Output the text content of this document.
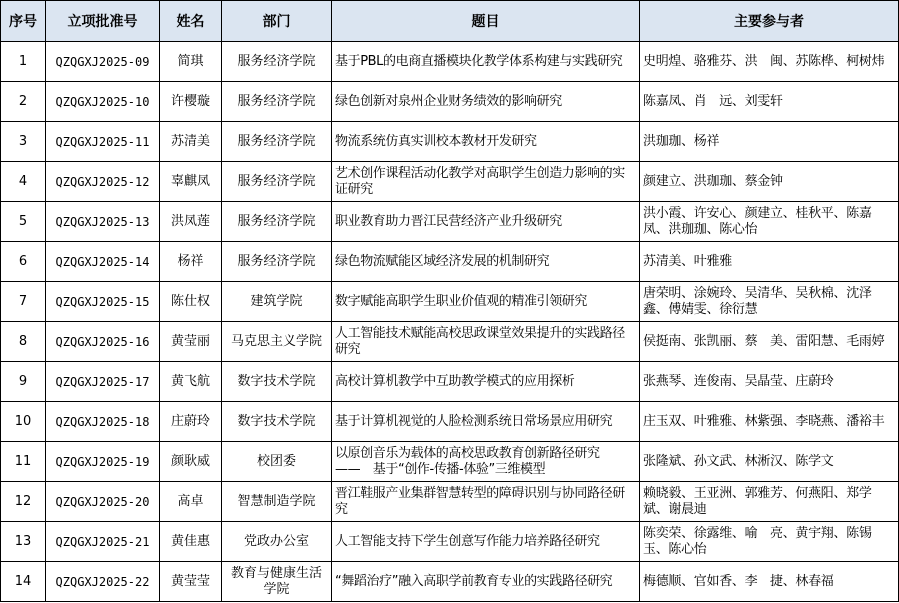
序号	立项批准号	姓名	部门	题目	主要参与者
1	QZQGXJ2025-09	简琪	服务经济学院	基于PBL的电商直播模块化教学体系构建与实践研究	史明煌、骆雅芬、洪　闽、苏陈桦、柯树炜
2	QZQGXJ2025-10	许樱璇	服务经济学院	绿色创新对泉州企业财务绩效的影响研究	陈嘉凤、肖　远、刘雯轩
3	QZQGXJ2025-11	苏清美	服务经济学院	物流系统仿真实训校本教材开发研究	洪珈珈、杨祥
4	QZQGXJ2025-12	辜麒凤	服务经济学院	艺术创作课程活动化教学对高职学生创造力影响的实证研究	颜建立、洪珈珈、蔡金钟
5	QZQGXJ2025-13	洪凤莲	服务经济学院	职业教育助力晋江民营经济产业升级研究	洪小霞、许安心、颜建立、桂秋平、陈嘉凤、洪珈珈、陈心怡
6	QZQGXJ2025-14	杨祥	服务经济学院	绿色物流赋能区域经济发展的机制研究	苏清美、叶雅雅
7	QZQGXJ2025-15	陈仕权	建筑学院	数字赋能高职学生职业价值观的精准引领研究	唐荣明、涂婉玲、吴清华、吴秋棉、沈泽鑫、傅婧雯、徐衍慧
8	QZQGXJ2025-16	黄莹丽	马克思主义学院	人工智能技术赋能高校思政课堂效果提升的实践路径研究	侯挺南、张凯丽、蔡　美、雷阳慧、毛雨婷
9	QZQGXJ2025-17	黄飞航	数字技术学院	高校计算机教学中互助教学模式的应用探析	张燕琴、连俊南、吴晶莹、庄蔚玲
10	QZQGXJ2025-18	庄蔚玲	数字技术学院	基于计算机视觉的人脸检测系统日常场景应用研究	庄玉双、叶雅雅、林紫强、李晓燕、潘裕丰
11	QZQGXJ2025-19	颜耿威	校团委	以原创音乐为载体的高校思政教育创新路径研究　——　基于“创作-传播-体验”三维模型	张隆斌、孙文武、林淅汉、陈学文
12	QZQGXJ2025-20	高卓	智慧制造学院	晋江鞋服产业集群智慧转型的障碍识别与协同路径研究	赖晓毅、王亚洲、郭雅芳、何燕阳、郑学斌、谢晨迪
13	QZQGXJ2025-21	黄佳惠	党政办公室	人工智能支持下学生创意写作能力培养路径研究	陈奕荣、徐露维、喻　亮、黄宇翔、陈锡玉、陈心怡
14	QZQGXJ2025-22	黄莹莹	教育与健康生活学院	“舞蹈治疗”融入高职学前教育专业的实践路径研究	梅德顺、官如香、李　捷、林春福
